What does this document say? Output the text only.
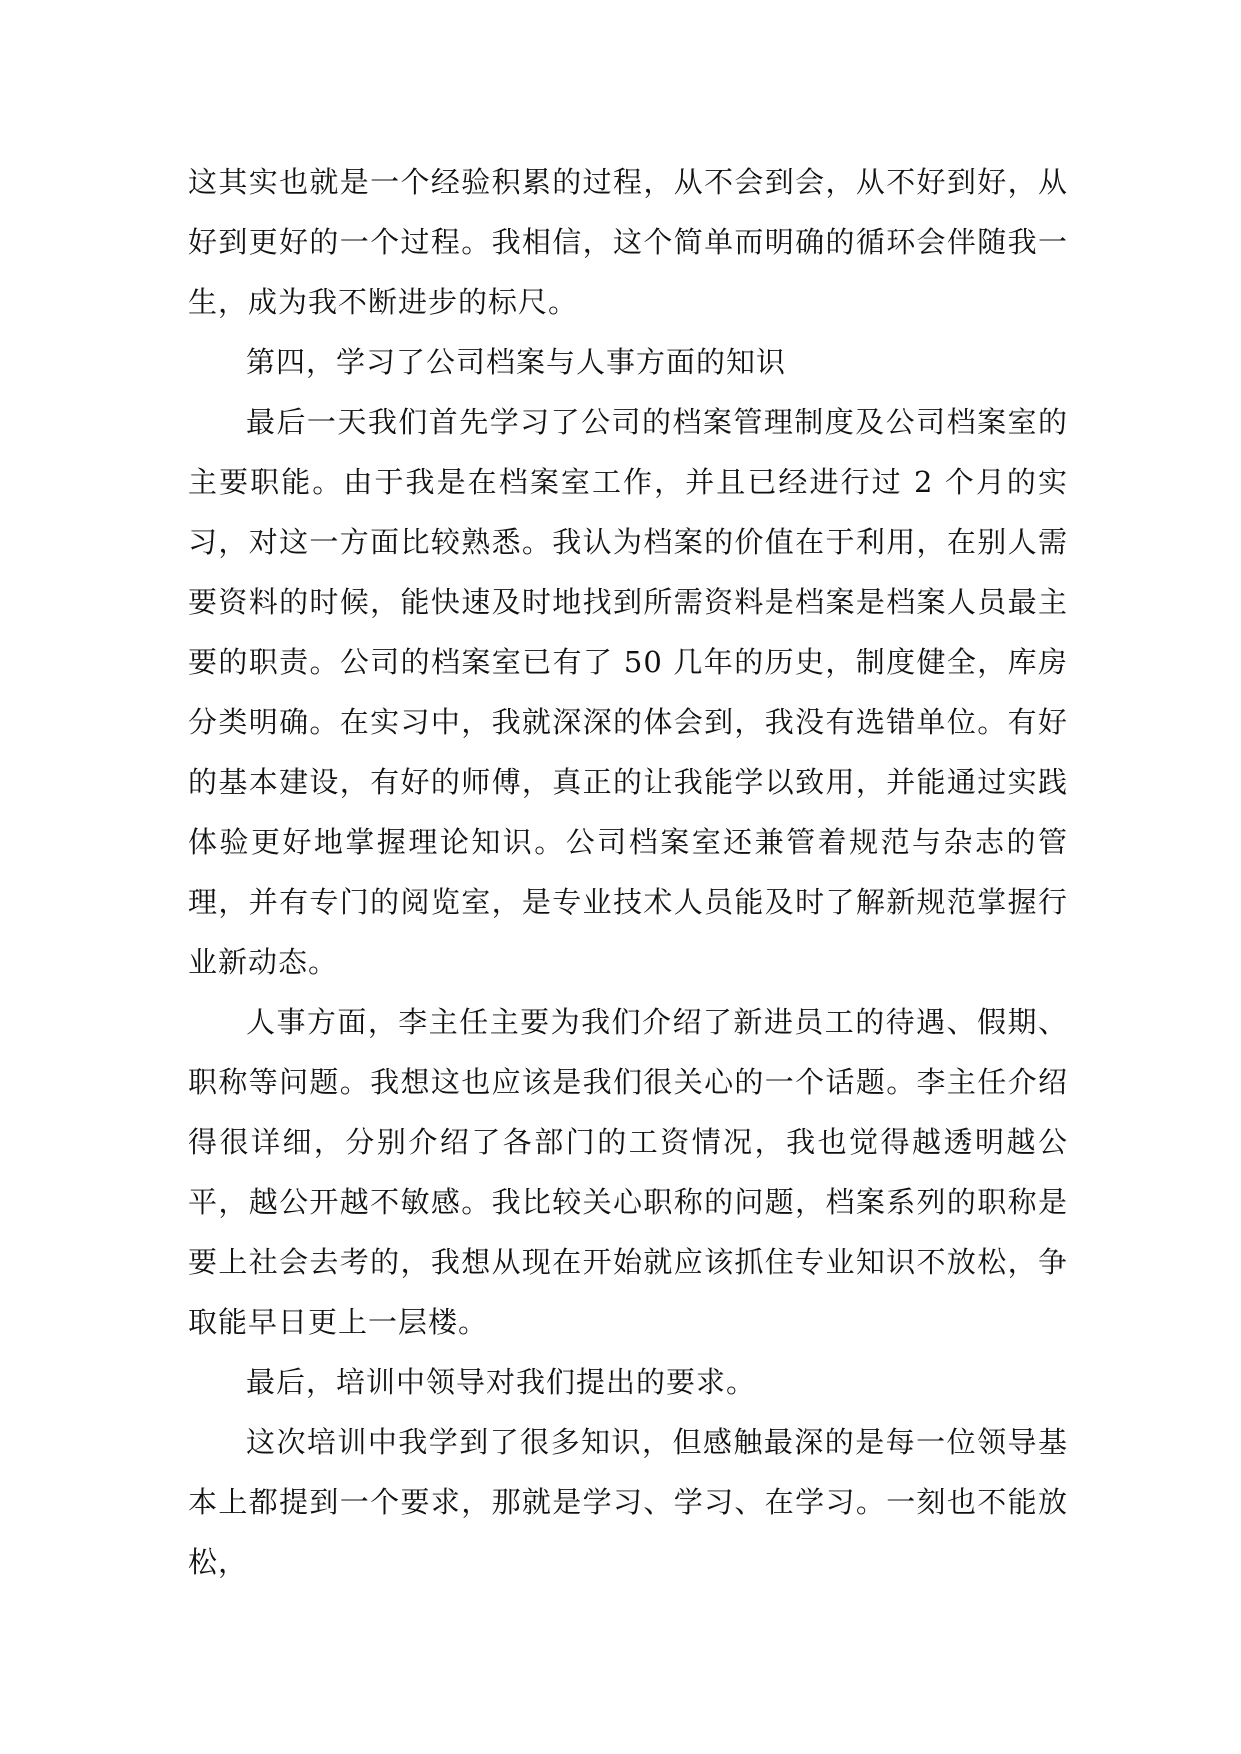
这其实也就是一个经验积累的过程，从不会到会，从不好到好，从好到更好的一个过程。我相信，这个简单而明确的循环会伴随我一生，成为我不断进步的标尺。

第四，学习了公司档案与人事方面的知识

最后一天我们首先学习了公司的档案管理制度及公司档案室的主要职能。由于我是在档案室工作，并且已经进行过 2 个月的实习，对这一方面比较熟悉。我认为档案的价值在于利用，在别人需要资料的时候，能快速及时地找到所需资料是档案是档案人员最主要的职责。公司的档案室已有了 50 几年的历史，制度健全，库房分类明确。在实习中，我就深深的体会到，我没有选错单位。有好的基本建设，有好的师傅，真正的让我能学以致用，并能通过实践体验更好地掌握理论知识。公司档案室还兼管着规范与杂志的管理，并有专门的阅览室，是专业技术人员能及时了解新规范掌握行业新动态。

人事方面，李主任主要为我们介绍了新进员工的待遇、假期、职称等问题。我想这也应该是我们很关心的一个话题。李主任介绍得很详细，分别介绍了各部门的工资情况，我也觉得越透明越公平，越公开越不敏感。我比较关心职称的问题，档案系列的职称是要上社会去考的，我想从现在开始就应该抓住专业知识不放松，争取能早日更上一层楼。

最后，培训中领导对我们提出的要求。

这次培训中我学到了很多知识，但感触最深的是每一位领导基本上都提到一个要求，那就是学习、学习、在学习。一刻也不能放松，
